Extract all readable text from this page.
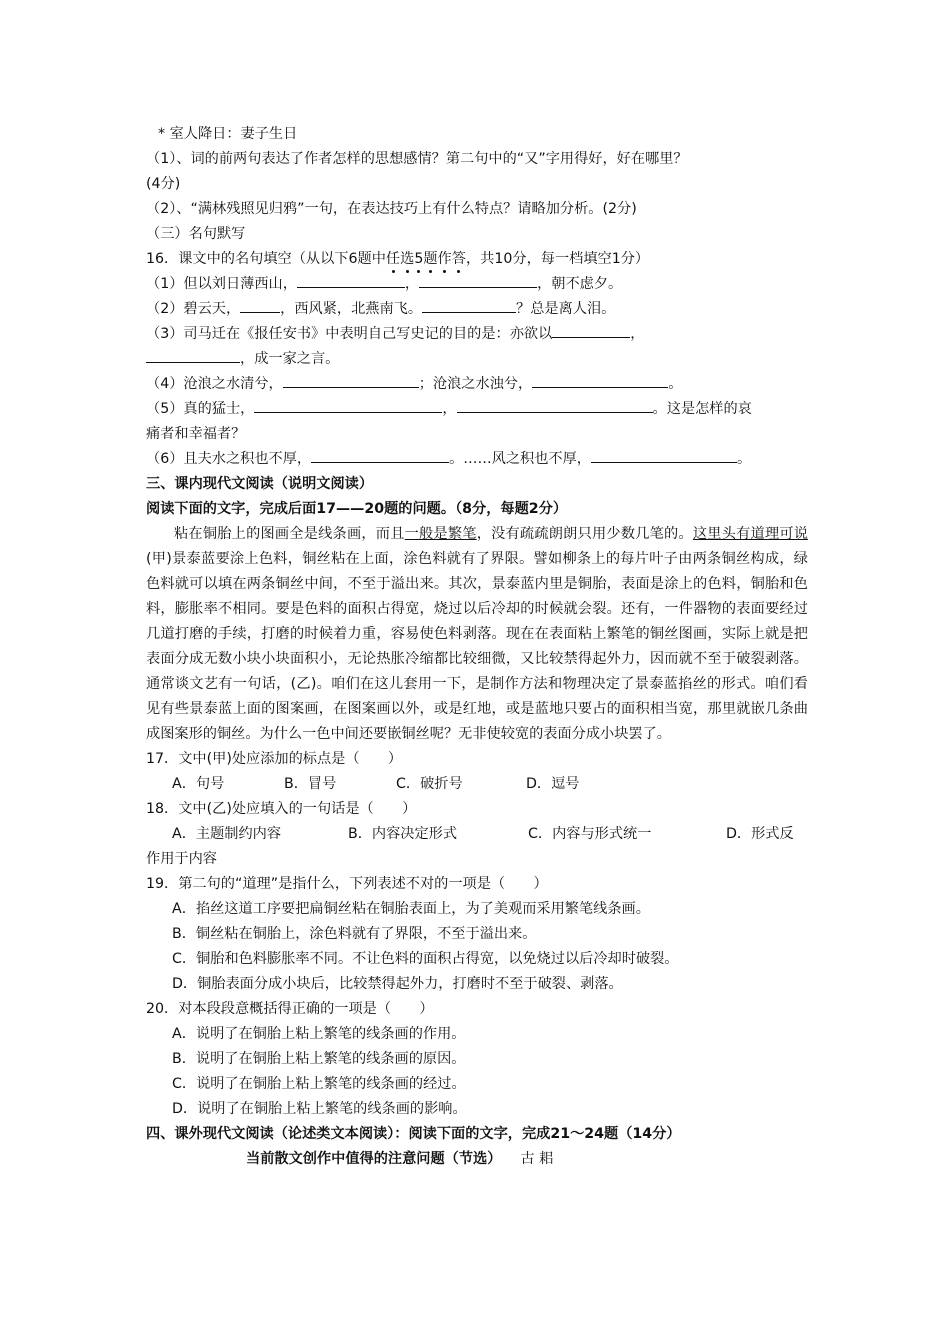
* 室人降日：妻子生日
（1）、词的前两句表达了作者怎样的思想感情？第二句中的“又”字用得好，好在哪里？
(4分)
（2）、“满林残照见归鸦”一句，在表达技巧上有什么特点？请略加分析。(2分)
（三）名句默写
16．课文中的名句填空（从以下6题中任选5题作答，共10分，每一档填空1分）
（1）但以刘日薄西山，	，	，朝不虑夕。
（2）碧云天，	，西风紧，北燕南飞。	？总是离人泪。
（3）司马迁在《报任安书》中表明自己写史记的目的是：亦欲以	，
，成一家之言。
（4）沧浪之水清兮，	；沧浪之水浊兮，	。
（5）真的猛士，	，	。这是怎样的哀
痛者和幸福者？
（6）且夫水之积也不厚，	。……风之积也不厚，	。
三、课内现代文阅读（说明文阅读）
阅读下面的文字，完成后面17——20题的问题。（8分，每题2分）
粘在铜胎上的图画全是线条画，而且一般是繁笔，没有疏疏朗朗只用少数几笔的。这里头有道理可说(甲)景泰蓝要涂上色料，铜丝粘在上面，涂色料就有了界限。譬如柳条上的每片叶子由两条铜丝构成，绿色料就可以填在两条铜丝中间，不至于溢出来。其次，景泰蓝内里是铜胎，表面是涂上的色料，铜胎和色料，膨胀率不相同。要是色料的面积占得宽，烧过以后冷却的时候就会裂。还有，一件器物的表面要经过几道打磨的手续，打磨的时候着力重，容易使色料剥落。现在在表面粘上繁笔的铜丝图画，实际上就是把表面分成无数小块小块面积小，无论热胀冷缩都比较细微，又比较禁得起外力，因而就不至于破裂剥落。通常谈文艺有一句话，(乙)。咱们在这儿套用一下，是制作方法和物理决定了景泰蓝掐丝的形式。咱们看见有些景泰蓝上面的图案画，在图案画以外，或是红地，或是蓝地只要占的面积相当宽，那里就嵌几条曲成图案形的铜丝。为什么一色中间还要嵌铜丝呢？无非使较宽的表面分成小块罢了。
17．文中(甲)处应添加的标点是（　　）
A．句号	B．冒号	C．破折号	D．逗号
18．文中(乙)处应填入的一句话是（　　）
A．主题制约内容	B．内容决定形式	C．内容与形式统一	D．形式反
作用于内容
19．第二句的“道理”是指什么，下列表述不对的一项是（　　）
A．掐丝这道工序要把扁铜丝粘在铜胎表面上，为了美观而采用繁笔线条画。
B．铜丝粘在铜胎上，涂色料就有了界限，不至于溢出来。
C．铜胎和色料膨胀率不同。不让色料的面积占得宽，以免烧过以后冷却时破裂。
D．铜胎表面分成小块后，比较禁得起外力，打磨时不至于破裂、剥落。
20．对本段段意概括得正确的一项是（　　）
A．说明了在铜胎上粘上繁笔的线条画的作用。
B．说明了在铜胎上粘上繁笔的线条画的原因。
C．说明了在铜胎上粘上繁笔的线条画的经过。
D．说明了在铜胎上粘上繁笔的线条画的影响。
四、课外现代文阅读（论述类文本阅读）：阅读下面的文字，完成21～24题（14分）
当前散文创作中值得的注意问题（节选） 古 耜
